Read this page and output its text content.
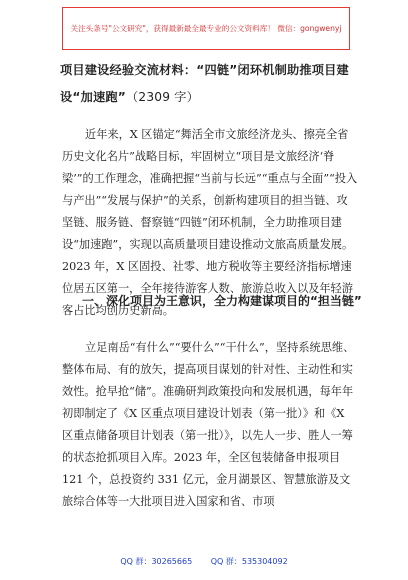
关注头条号"公文研究"，获得最新最全最专业的公文资料库！ 微信：gongwenyj
项目建设经验交流材料：“四链”闭环机制助推项目建设“加速跑”（2309 字）

近年来，X 区锚定“舞活全市文旅经济龙头、擦亮全省历史文化名片”战略目标，牢固树立“项目是文旅经济‘脊梁’”的工作理念，准确把握“当前与长远”“重点与全面”“投入与产出”“发展与保护”的关系，创新构建项目的担当链、攻坚链、服务链、督察链“四链”闭环机制，全力助推项目建设“加速跑”，实现以高质量项目建设推动文旅高质量发展。2023 年，X 区固投、社零、地方税收等主要经济指标增速位居五区第一，全年接待游客人数、旅游总收入以及年轻游客占比均创历史新高。

一、深化项目为王意识，全力构建谋项目的“担当链”

立足南岳“有什么”“要什么”“干什么”，坚持系统思维、整体布局、有的放矢，提高项目谋划的针对性、主动性和实效性。抢早抢“储”。准确研判政策投向和发展机遇，每年年初即制定了《X 区重点项目建设计划表（第一批）》和《X 区重点储备项目计划表（第一批）》，以先人一步、胜人一筹的状态抢抓项目入库。2023 年，全区包装储备申报项目 121 个，总投资约 331 亿元，金月湖景区、智慧旅游及文旅综合体等一大批项目进入国家和省、市项

QQ 群：30265665 QQ 群：535304092
